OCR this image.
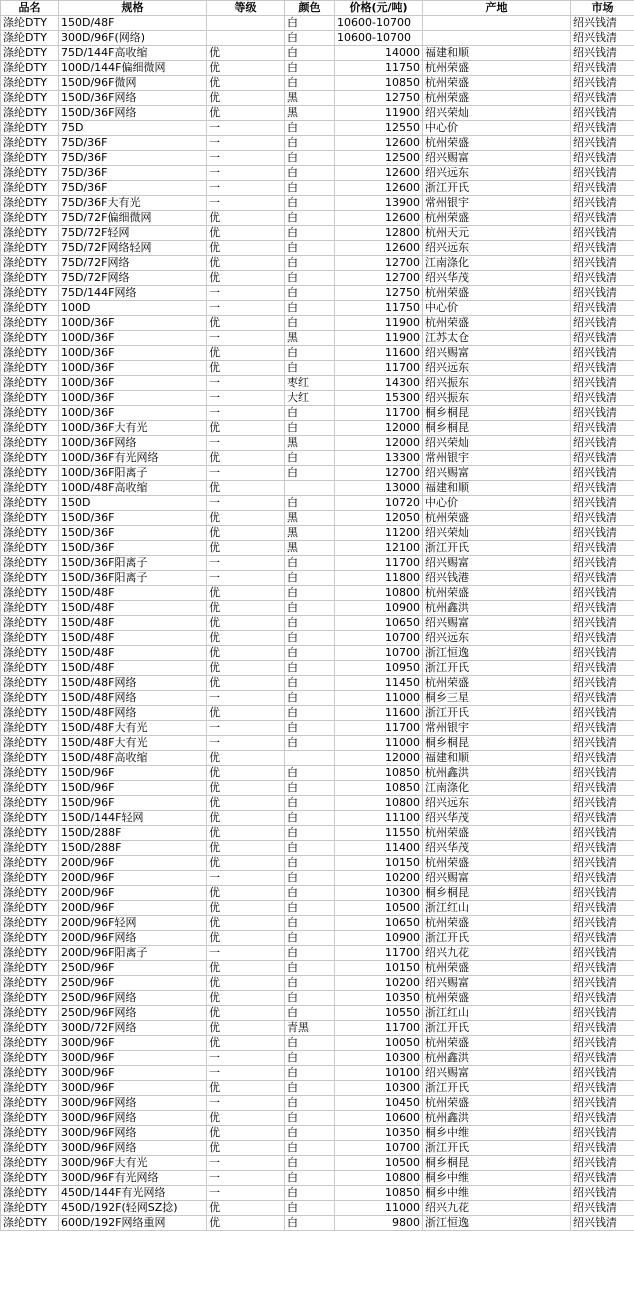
品名	规格	等级	颜色	价格(元/吨)	产地	市场
涤纶DTY	150D/48F		白	10600-10700		绍兴钱清
涤纶DTY	300D/96F(网络)		白	10600-10700		绍兴钱清
涤纶DTY	75D/144F高收缩	优	白	14000	福建和顺	绍兴钱清
涤纶DTY	100D/144F偏细微网	优	白	11750	杭州荣盛	绍兴钱清
涤纶DTY	150D/96F微网	优	白	10850	杭州荣盛	绍兴钱清
涤纶DTY	150D/36F网络	优	黑	12750	杭州荣盛	绍兴钱清
涤纶DTY	150D/36F网络	优	黑	11900	绍兴荣灿	绍兴钱清
涤纶DTY	75D	一	白	12550	中心价	绍兴钱清
涤纶DTY	75D/36F	一	白	12600	杭州荣盛	绍兴钱清
涤纶DTY	75D/36F	一	白	12500	绍兴赐富	绍兴钱清
涤纶DTY	75D/36F	一	白	12600	绍兴远东	绍兴钱清
涤纶DTY	75D/36F	一	白	12600	浙江开氏	绍兴钱清
涤纶DTY	75D/36F大有光	一	白	13900	常州银宇	绍兴钱清
涤纶DTY	75D/72F偏细微网	优	白	12600	杭州荣盛	绍兴钱清
涤纶DTY	75D/72F轻网	优	白	12800	杭州天元	绍兴钱清
涤纶DTY	75D/72F网络轻网	优	白	12600	绍兴远东	绍兴钱清
涤纶DTY	75D/72F网络	优	白	12700	江南涤化	绍兴钱清
涤纶DTY	75D/72F网络	优	白	12700	绍兴华茂	绍兴钱清
涤纶DTY	75D/144F网络	一	白	12750	杭州荣盛	绍兴钱清
涤纶DTY	100D	一	白	11750	中心价	绍兴钱清
涤纶DTY	100D/36F	优	白	11900	杭州荣盛	绍兴钱清
涤纶DTY	100D/36F	一	黑	11900	江苏太仓	绍兴钱清
涤纶DTY	100D/36F	优	白	11600	绍兴赐富	绍兴钱清
涤纶DTY	100D/36F	优	白	11700	绍兴远东	绍兴钱清
涤纶DTY	100D/36F	一	枣红	14300	绍兴振东	绍兴钱清
涤纶DTY	100D/36F	一	大红	15300	绍兴振东	绍兴钱清
涤纶DTY	100D/36F	一	白	11700	桐乡桐昆	绍兴钱清
涤纶DTY	100D/36F大有光	优	白	12000	桐乡桐昆	绍兴钱清
涤纶DTY	100D/36F网络	一	黑	12000	绍兴荣灿	绍兴钱清
涤纶DTY	100D/36F有光网络	优	白	13300	常州银宇	绍兴钱清
涤纶DTY	100D/36F阳离子	一	白	12700	绍兴赐富	绍兴钱清
涤纶DTY	100D/48F高收缩	优		13000	福建和顺	绍兴钱清
涤纶DTY	150D	一	白	10720	中心价	绍兴钱清
涤纶DTY	150D/36F	优	黑	12050	杭州荣盛	绍兴钱清
涤纶DTY	150D/36F	优	黑	11200	绍兴荣灿	绍兴钱清
涤纶DTY	150D/36F	优	黑	12100	浙江开氏	绍兴钱清
涤纶DTY	150D/36F阳离子	一	白	11700	绍兴赐富	绍兴钱清
涤纶DTY	150D/36F阳离子	一	白	11800	绍兴钱港	绍兴钱清
涤纶DTY	150D/48F	优	白	10800	杭州荣盛	绍兴钱清
涤纶DTY	150D/48F	优	白	10900	杭州鑫洪	绍兴钱清
涤纶DTY	150D/48F	优	白	10650	绍兴赐富	绍兴钱清
涤纶DTY	150D/48F	优	白	10700	绍兴远东	绍兴钱清
涤纶DTY	150D/48F	优	白	10700	浙江恒逸	绍兴钱清
涤纶DTY	150D/48F	优	白	10950	浙江开氏	绍兴钱清
涤纶DTY	150D/48F网络	优	白	11450	杭州荣盛	绍兴钱清
涤纶DTY	150D/48F网络	一	白	11000	桐乡三星	绍兴钱清
涤纶DTY	150D/48F网络	优	白	11600	浙江开氏	绍兴钱清
涤纶DTY	150D/48F大有光	一	白	11700	常州银宇	绍兴钱清
涤纶DTY	150D/48F大有光	一	白	11000	桐乡桐昆	绍兴钱清
涤纶DTY	150D/48F高收缩	优		12000	福建和顺	绍兴钱清
涤纶DTY	150D/96F	优	白	10850	杭州鑫洪	绍兴钱清
涤纶DTY	150D/96F	优	白	10850	江南涤化	绍兴钱清
涤纶DTY	150D/96F	优	白	10800	绍兴远东	绍兴钱清
涤纶DTY	150D/144F轻网	优	白	11100	绍兴华茂	绍兴钱清
涤纶DTY	150D/288F	优	白	11550	杭州荣盛	绍兴钱清
涤纶DTY	150D/288F	优	白	11400	绍兴华茂	绍兴钱清
涤纶DTY	200D/96F	优	白	10150	杭州荣盛	绍兴钱清
涤纶DTY	200D/96F	一	白	10200	绍兴赐富	绍兴钱清
涤纶DTY	200D/96F	优	白	10300	桐乡桐昆	绍兴钱清
涤纶DTY	200D/96F	优	白	10500	浙江红山	绍兴钱清
涤纶DTY	200D/96F轻网	优	白	10650	杭州荣盛	绍兴钱清
涤纶DTY	200D/96F网络	优	白	10900	浙江开氏	绍兴钱清
涤纶DTY	200D/96F阳离子	一	白	11700	绍兴九花	绍兴钱清
涤纶DTY	250D/96F	优	白	10150	杭州荣盛	绍兴钱清
涤纶DTY	250D/96F	优	白	10200	绍兴赐富	绍兴钱清
涤纶DTY	250D/96F网络	优	白	10350	杭州荣盛	绍兴钱清
涤纶DTY	250D/96F网络	优	白	10550	浙江红山	绍兴钱清
涤纶DTY	300D/72F网络	优	青黑	11700	浙江开氏	绍兴钱清
涤纶DTY	300D/96F	优	白	10050	杭州荣盛	绍兴钱清
涤纶DTY	300D/96F	一	白	10300	杭州鑫洪	绍兴钱清
涤纶DTY	300D/96F	一	白	10100	绍兴赐富	绍兴钱清
涤纶DTY	300D/96F	优	白	10300	浙江开氏	绍兴钱清
涤纶DTY	300D/96F网络	一	白	10450	杭州荣盛	绍兴钱清
涤纶DTY	300D/96F网络	优	白	10600	杭州鑫洪	绍兴钱清
涤纶DTY	300D/96F网络	优	白	10350	桐乡中维	绍兴钱清
涤纶DTY	300D/96F网络	优	白	10700	浙江开氏	绍兴钱清
涤纶DTY	300D/96F大有光	一	白	10500	桐乡桐昆	绍兴钱清
涤纶DTY	300D/96F有光网络	一	白	10800	桐乡中维	绍兴钱清
涤纶DTY	450D/144F有光网络	一	白	10850	桐乡中维	绍兴钱清
涤纶DTY	450D/192F(轻网SZ捻)	优	白	11000	绍兴九花	绍兴钱清
涤纶DTY	600D/192F网络重网	优	白	9800	浙江恒逸	绍兴钱清
